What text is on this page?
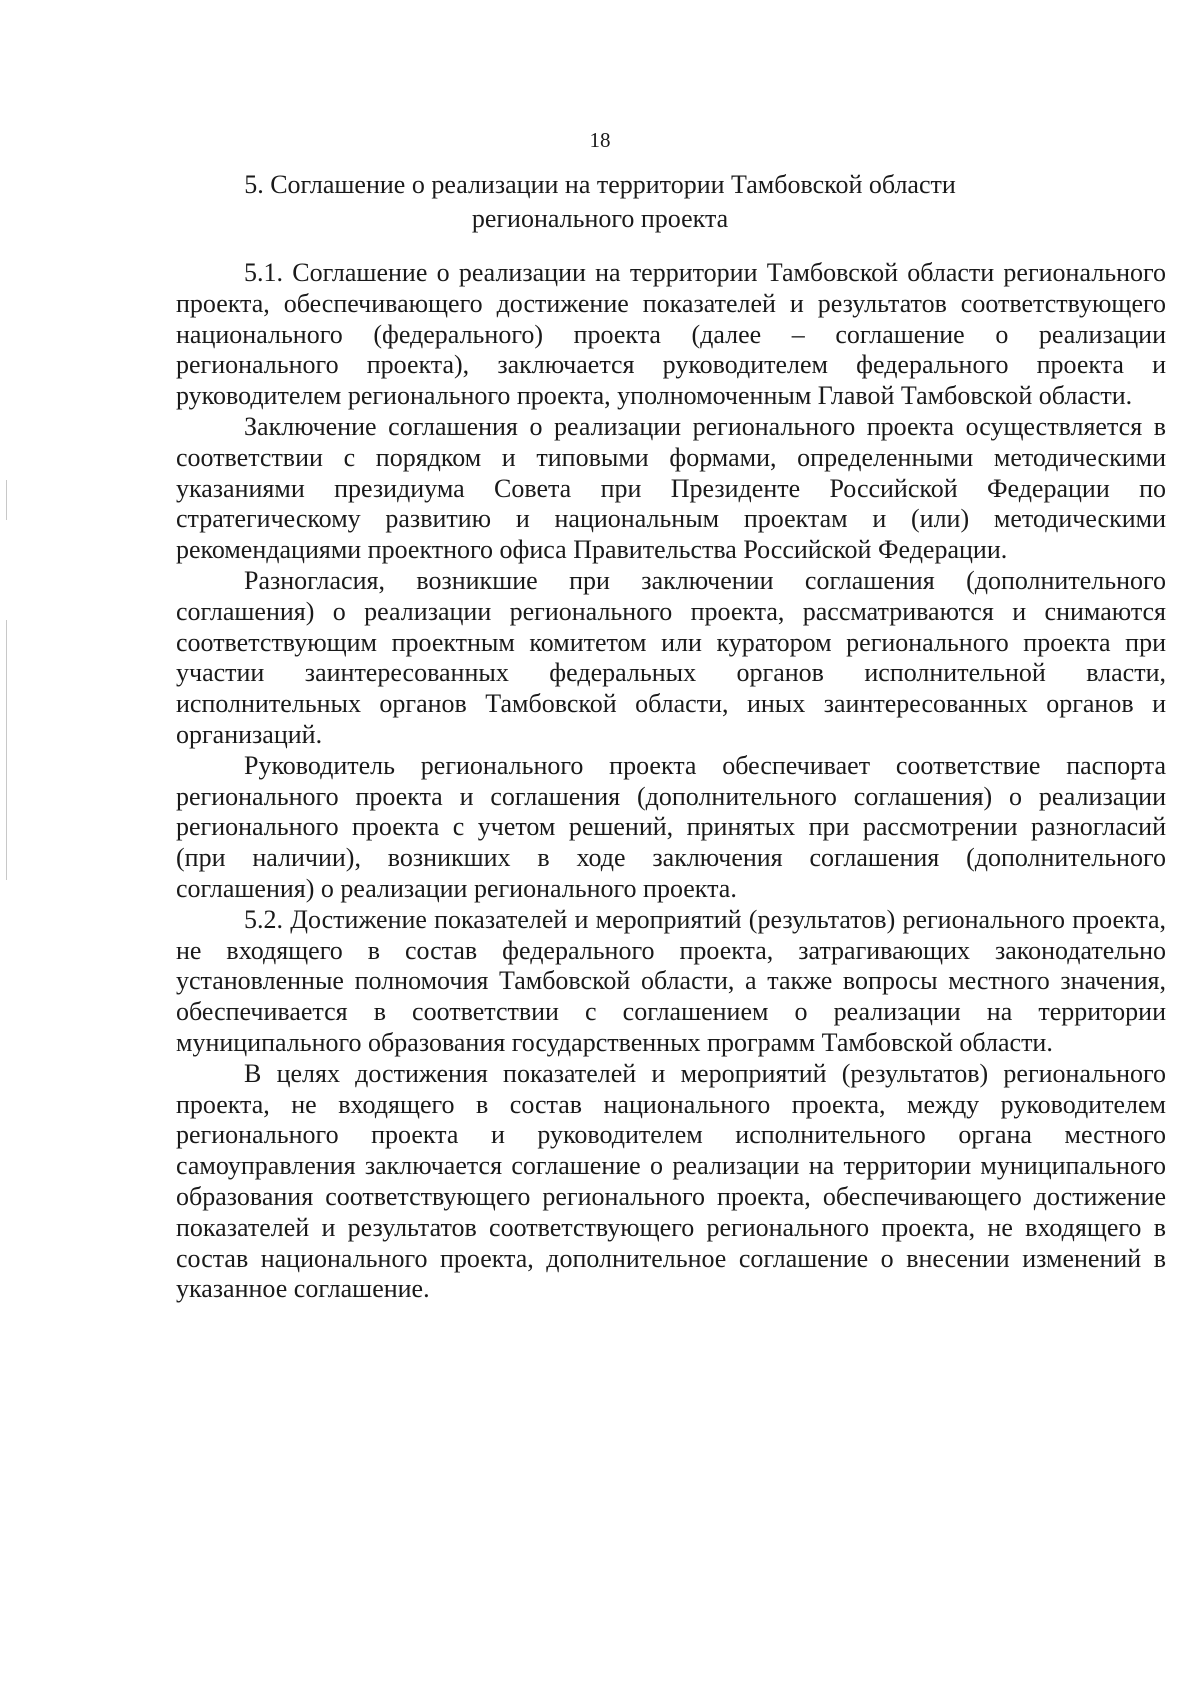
18
5. Соглашение о реализации на территории Тамбовской области регионального проекта

5.1. Соглашение о реализации на территории Тамбовской области регионального проекта, обеспечивающего достижение показателей и результатов соответствующего национального (федерального) проекта (далее – соглашение о реализации регионального проекта), заключается руководителем федерального проекта и руководителем регионального проекта, уполномоченным Главой Тамбовской области.

Заключение соглашения о реализации регионального проекта осуществляется в соответствии с порядком и типовыми формами, определенными методическими указаниями президиума Совета при Президенте Российской Федерации по стратегическому развитию и национальным проектам и (или) методическими рекомендациями проектного офиса Правительства Российской Федерации.

Разногласия, возникшие при заключении соглашения (дополнительного соглашения) о реализации регионального проекта, рассматриваются и снимаются соответствующим проектным комитетом или куратором регионального проекта при участии заинтересованных федеральных органов исполнительной власти, исполнительных органов Тамбовской области, иных заинтересованных органов и организаций.

Руководитель регионального проекта обеспечивает соответствие паспорта регионального проекта и соглашения (дополнительного соглашения) о реализации регионального проекта с учетом решений, принятых при рассмотрении разногласий (при наличии), возникших в ходе заключения соглашения (дополнительного соглашения) о реализации регионального проекта.

5.2. Достижение показателей и мероприятий (результатов) регионального проекта, не входящего в состав федерального проекта, затрагивающих законодательно установленные полномочия Тамбовской области, а также вопросы местного значения, обеспечивается в соответствии с соглашением о реализации на территории муниципального образования государственных программ Тамбовской области.

В целях достижения показателей и мероприятий (результатов) регионального проекта, не входящего в состав национального проекта, между руководителем регионального проекта и руководителем исполнительного органа местного самоуправления заключается соглашение о реализации на территории муниципального образования соответствующего регионального проекта, обеспечивающего достижение показателей и результатов соответствующего регионального проекта, не входящего в состав национального проекта, дополнительное соглашение о внесении изменений в указанное соглашение.
